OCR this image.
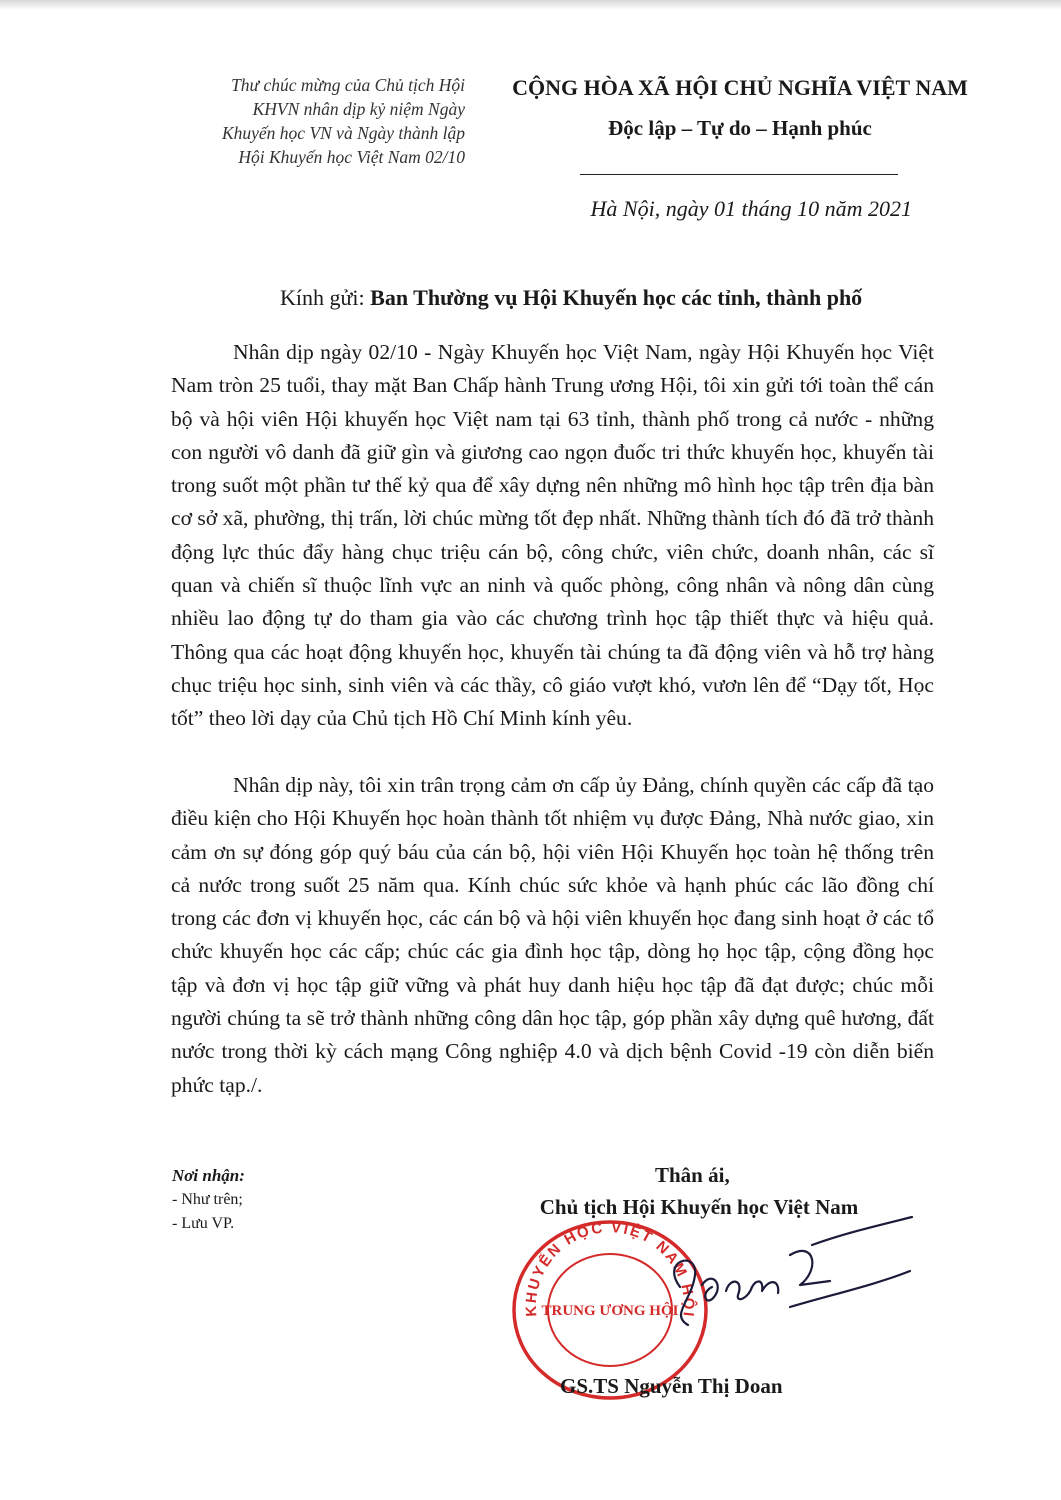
Thư chúc mừng của Chủ tịch Hội
KHVN nhân dịp kỷ niệm Ngày
Khuyến học VN và Ngày thành lập
Hội Khuyến học Việt Nam 02/10
CỘNG HÒA XÃ HỘI CHỦ NGHĨA VIỆT NAM
Độc lập – Tự do – Hạnh phúc
Hà Nội, ngày 01 tháng 10 năm 2021
Kính gửi: Ban Thường vụ Hội Khuyến học các tỉnh, thành phố

Nhân dịp ngày 02/10 - Ngày Khuyến học Việt Nam, ngày Hội Khuyến học Việt Nam tròn 25 tuổi, thay mặt Ban Chấp hành Trung ương Hội, tôi xin gửi tới toàn thể cán bộ và hội viên Hội khuyến học Việt nam tại 63 tỉnh, thành phố trong cả nước - những con người vô danh đã giữ gìn và giương cao ngọn đuốc tri thức khuyến học, khuyến tài trong suốt một phần tư thế kỷ qua để xây dựng nên những mô hình học tập trên địa bàn cơ sở xã, phường, thị trấn, lời chúc mừng tốt đẹp nhất. Những thành tích đó đã trở thành động lực thúc đẩy hàng chục triệu cán bộ, công chức, viên chức, doanh nhân, các sĩ quan và chiến sĩ thuộc lĩnh vực an ninh và quốc phòng, công nhân và nông dân cùng nhiều lao động tự do tham gia vào các chương trình học tập thiết thực và hiệu quả. Thông qua các hoạt động khuyến học, khuyến tài chúng ta đã động viên và hỗ trợ hàng chục triệu học sinh, sinh viên và các thầy, cô giáo vượt khó, vươn lên để “Dạy tốt, Học tốt” theo lời dạy của Chủ tịch Hồ Chí Minh kính yêu.

Nhân dịp này, tôi xin trân trọng cảm ơn cấp ủy Đảng, chính quyền các cấp đã tạo điều kiện cho Hội Khuyến học hoàn thành tốt nhiệm vụ được Đảng, Nhà nước giao, xin cảm ơn sự đóng góp quý báu của cán bộ, hội viên Hội Khuyến học toàn hệ thống trên cả nước trong suốt 25 năm qua. Kính chúc sức khỏe và hạnh phúc các lão đồng chí trong các đơn vị khuyến học, các cán bộ và hội viên khuyến học đang sinh hoạt ở các tổ chức khuyến học các cấp; chúc các gia đình học tập, dòng họ học tập, cộng đồng học tập và đơn vị học tập giữ vững và phát huy danh hiệu học tập đã đạt được; chúc mỗi người chúng ta sẽ trở thành những công dân học tập, góp phần xây dựng quê hương, đất nước trong thời kỳ cách mạng Công nghiệp 4.0 và dịch bệnh Covid -19 còn diễn biến phức tạp./.

Nơi nhận:
- Như trên;
- Lưu VP.
Thân ái,
Chủ tịch Hội Khuyến học Việt Nam
KHUYẾN HỌC VIỆT NAM HỘI
TRUNG ƯƠNG HỘI
GS.TS Nguyễn Thị Doan
